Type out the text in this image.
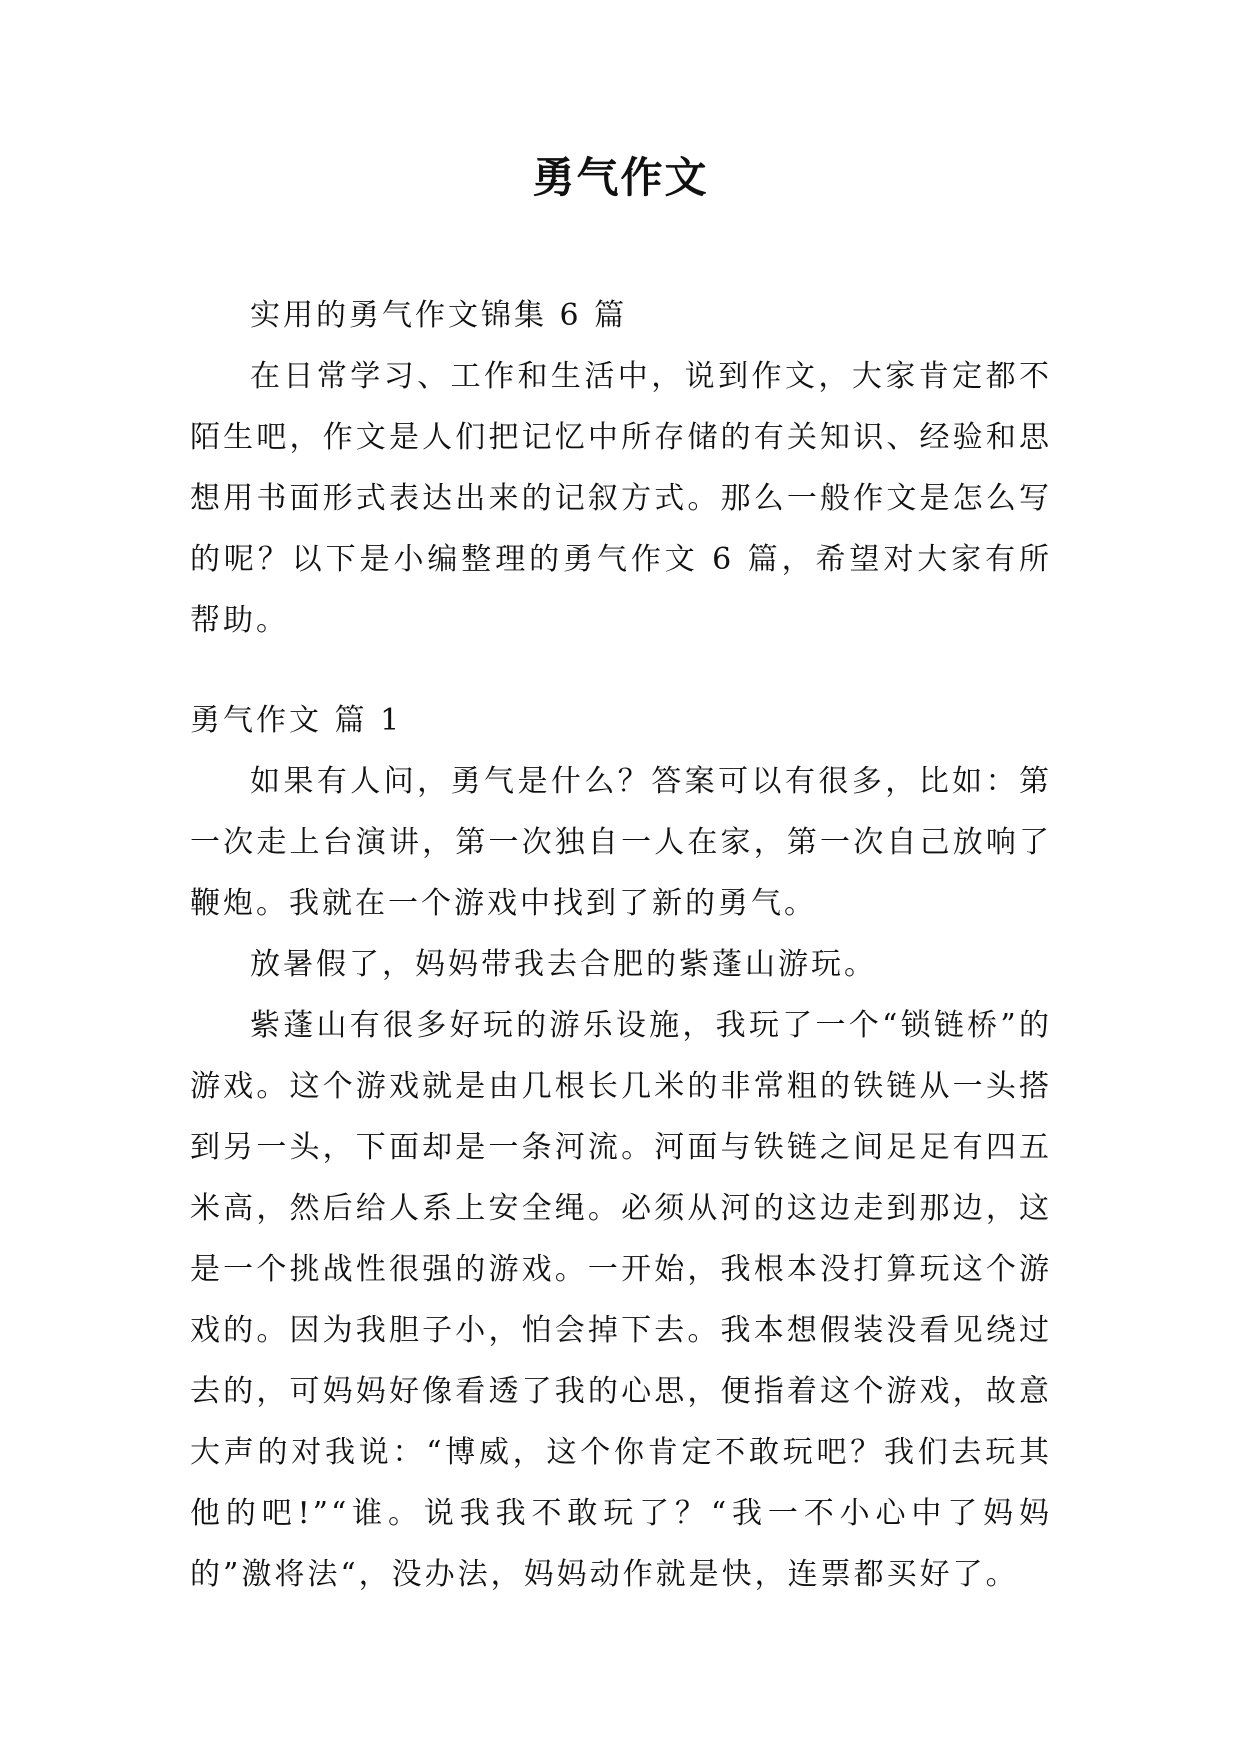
勇气作文

实用的勇气作文锦集 6 篇

在日常学习、工作和生活中，说到作文，大家肯定都不陌生吧，作文是人们把记忆中所存储的有关知识、经验和思想用书面形式表达出来的记叙方式。那么一般作文是怎么写的呢？以下是小编整理的勇气作文 6 篇，希望对大家有所帮助。

勇气作文 篇 1

如果有人问，勇气是什么？答案可以有很多，比如：第一次走上台演讲，第一次独自一人在家，第一次自己放响了鞭炮。我就在一个游戏中找到了新的勇气。

放暑假了，妈妈带我去合肥的紫蓬山游玩。

紫蓬山有很多好玩的游乐设施，我玩了一个“锁链桥”的游戏。这个游戏就是由几根长几米的非常粗的铁链从一头搭到另一头，下面却是一条河流。河面与铁链之间足足有四五米高，然后给人系上安全绳。必须从河的这边走到那边，这是一个挑战性很强的游戏。一开始，我根本没打算玩这个游戏的。因为我胆子小，怕会掉下去。我本想假装没看见绕过去的，可妈妈好像看透了我的心思，便指着这个游戏，故意大声的对我说：“博威，这个你肯定不敢玩吧？我们去玩其他的吧!”“谁。说我我不敢玩了？“我一不小心中了妈妈的”激将法“，没办法，妈妈动作就是快，连票都买好了。
